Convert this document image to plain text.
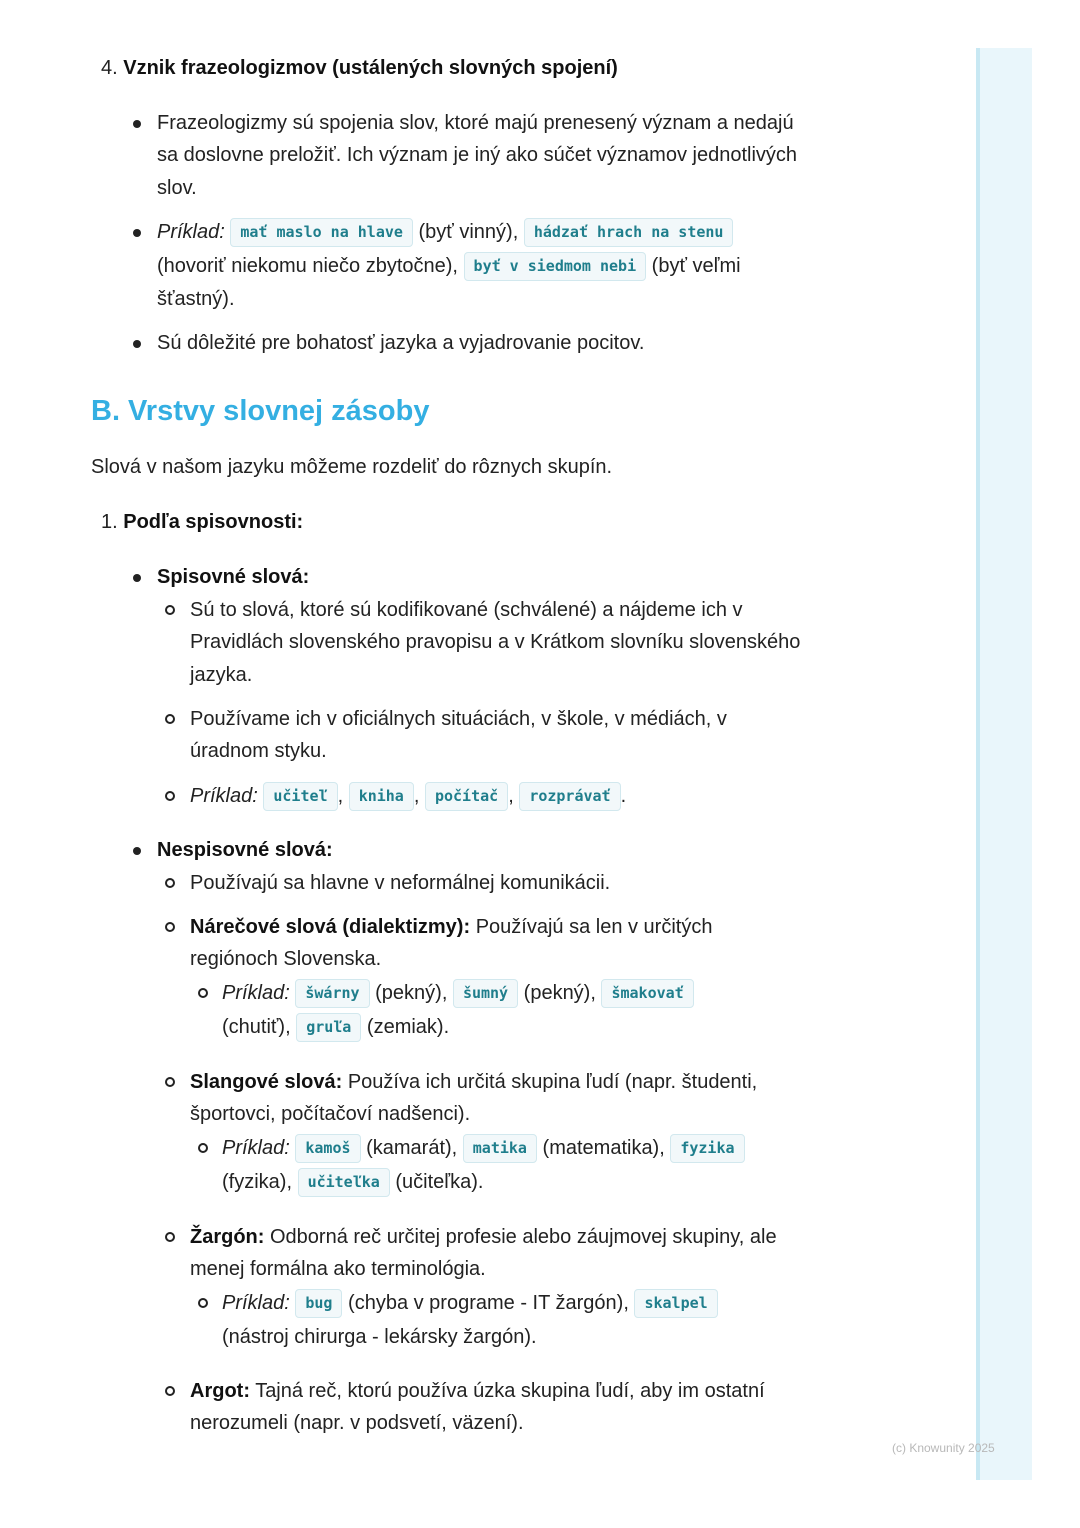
4. Vznik frazeologizmov (ustálených slovných spojení)
Frazeologizmy sú spojenia slov, ktoré majú prenesený význam a nedajú
sa doslovne preložiť. Ich význam je iný ako súčet významov jednotlivých
slov.
Príklad: mať maslo na hlave (byť vinný), hádzať hrach na stenu
(hovoriť niekomu niečo zbytočne), byť v siedmom nebi (byť veľmi
šťastný).
Sú dôležité pre bohatosť jazyka a vyjadrovanie pocitov.
B. Vrstvy slovnej zásoby
Slová v našom jazyku môžeme rozdeliť do rôznych skupín.
1. Podľa spisovnosti:
Spisovné slová:
Sú to slová, ktoré sú kodifikované (schválené) a nájdeme ich v
Pravidlách slovenského pravopisu a v Krátkom slovníku slovenského
jazyka.
Používame ich v oficiálnych situáciách, v škole, v médiách, v
úradnom styku.
Príklad: učiteľ , kniha , počítač , rozprávať .
Nespisovné slová:
Používajú sa hlavne v neformálnej komunikácii.
Nárečové slová (dialektizmy): Používajú sa len v určitých
regiónoch Slovenska.
Príklad: šwárny (pekný), šumný (pekný), šmakovať
(chutiť), gruľa (zemiak).
Slangové slová: Používa ich určitá skupina ľudí (napr. študenti,
športovci, počítačoví nadšenci).
Príklad: kamoš (kamarát), matika (matematika), fyzika
(fyzika), učiteľka (učiteľka).
Žargón: Odborná reč určitej profesie alebo záujmovej skupiny, ale
menej formálna ako terminológia.
Príklad: bug (chyba v programe - IT žargón), skalpel
(nástroj chirurga - lekársky žargón).
Argot: Tajná reč, ktorú používa úzka skupina ľudí, aby im ostatní
nerozumeli (napr. v podsvetí, väzení).
(c) Knowunity 2025
